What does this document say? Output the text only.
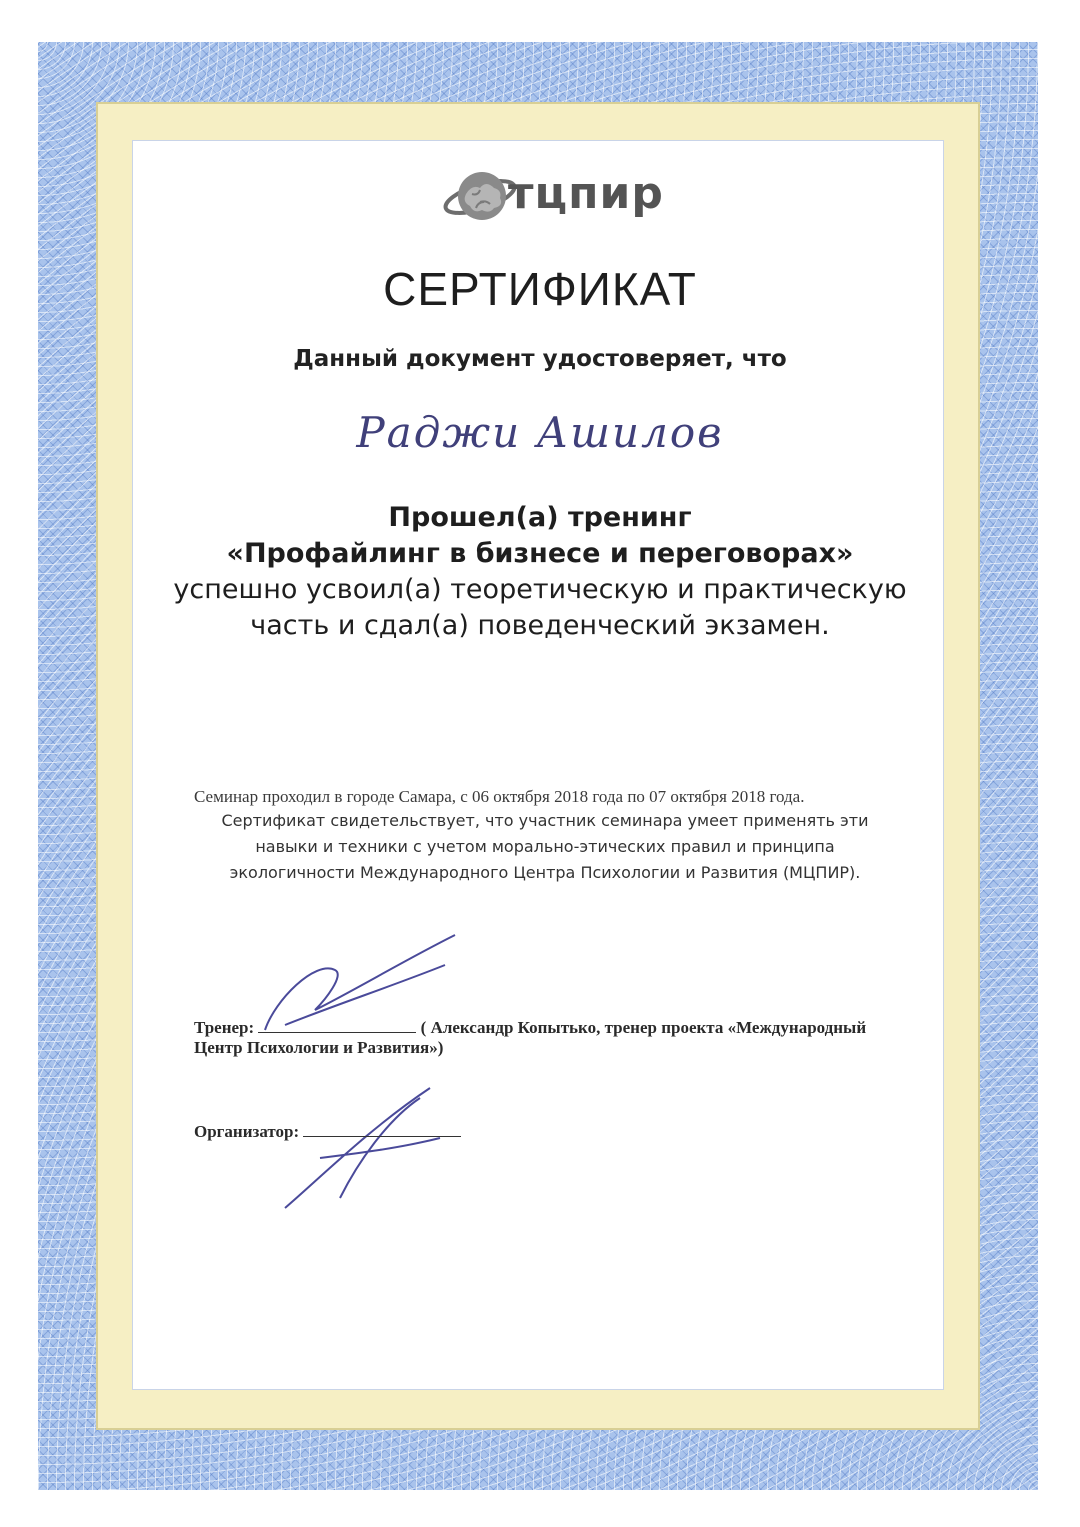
тцпир
СЕРТИФИКАТ
Данный документ удостоверяет, что
Раджи Ашилов
Прошел(а) тренинг
«Профайлинг в бизнесе и переговорах»
успешно усвоил(а) теоретическую и практическую
часть и сдал(а) поведенческий экзамен.
Семинар проходил в городе Самара, с 06 октября 2018 года по 07 октября 2018 года.
Сертификат свидетельствует, что участник семинара умеет применять эти
навыки и техники с учетом морально-этических правил и принципа
экологичности Международного Центра Психологии и Развития (МЦПИР).
Тренер:	( Александр Копытько, тренер проекта «Международный
Центр Психологии и Развития»)
Организатор:
